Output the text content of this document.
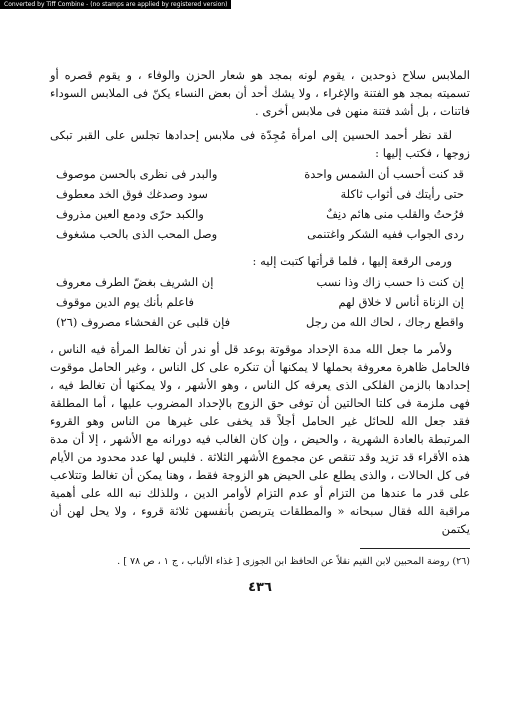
Converted by Tiff Combine - (no stamps are applied by registered version)

الملابس سلاح ذوحدين ، يقوم لونه بمجد هو شعار الحزن والوفاء ، و يقوم قصره أو تسميته بمجد هو الفتنة والإغراء ، ولا يشك أحد أن بعض النساء يكنّ فى الملابس السوداء فاتنات ، بل أشد فتنة منهن فى ملابس أخرى .

لقد نظر أحمد الحسين إلى امرأة مُجِدّة فى ملابس إحدادها تجلس على القبر تبكى زوجها ، فكتب إليها :

قد كنت أحسب أن الشمس واحدة
والبدر فى نظرى بالحسن موصوف
حتى رأيتك فى أثواب ثاكلة
سود وصدغك فوق الخد معطوف
فرُحتُ والقلب منى هائم دنِفٌ
والكبد حرّى ودمع العين مذروف
ردى الجواب ففيه الشكر واغتنمى
وصل المحب الذى بالحب مشغوف

ورمى الرقعة إليها ، فلما قرأتها كتبت إليه :

إن كنت ذا حسب زاك وذا نسب
إن الشريف بغضّ الطرف معروف
إن الزناة أناس لا خلاق لهم
فاعلم بأنك يوم الدين موقوف
واقطع رجاك ، لحاك الله من رجل
فإن قلبى عن الفحشاء مصروف (٢٦)

ولأمر ما جعل الله مدة الإحداد موقوتة بوعد قل أو ندر أن تغالط المرأة فيه الناس ، فالحامل ظاهرة معروفة بحملها لا يمكنها أن تنكره على كل الناس ، وغير الحامل موقوت إحدادها بالزمن الفلكى الذى يعرفه كل الناس ، وهو الأشهر ، ولا يمكنها أن تغالط فيه ، فهى ملزمة فى كلتا الحالتين أن توفى حق الزوج بالإحداد المضروب عليها ، أما المطلقة فقد جعل الله للحائل غير الحامل أجلاً قد يخفى على غيرها من الناس وهو القروء المرتبطة بالعادة الشهرية ، والحيض ، وإن كان الغالب فيه دورانه مع الأشهر ، إلا أن مدة هذه الأقراء قد تزيد وقد تنقص عن مجموع الأشهر الثلاثة . فليس لها عدد محدود من الأيام فى كل الحالات ، والذى يطلع على الحيض هو الزوجة فقط ، وهنا يمكن أن تغالط وتتلاعب على قدر ما عندها من التزام أو عدم التزام لأوامر الدين ، وللذلك نبه الله على أهمية مراقبة الله فقال سبحانه « والمطلقات يتربصن بأنفسهن ثلاثة قروء ، ولا يحل لهن أن يكتمن

(٢٦) روضة المحبين لابن القيم نقلاً عن الحافظ ابن الجوزى [ غذاء الألباب ، ج ١ ، ص ٧٨ ] .

٤٣٦
